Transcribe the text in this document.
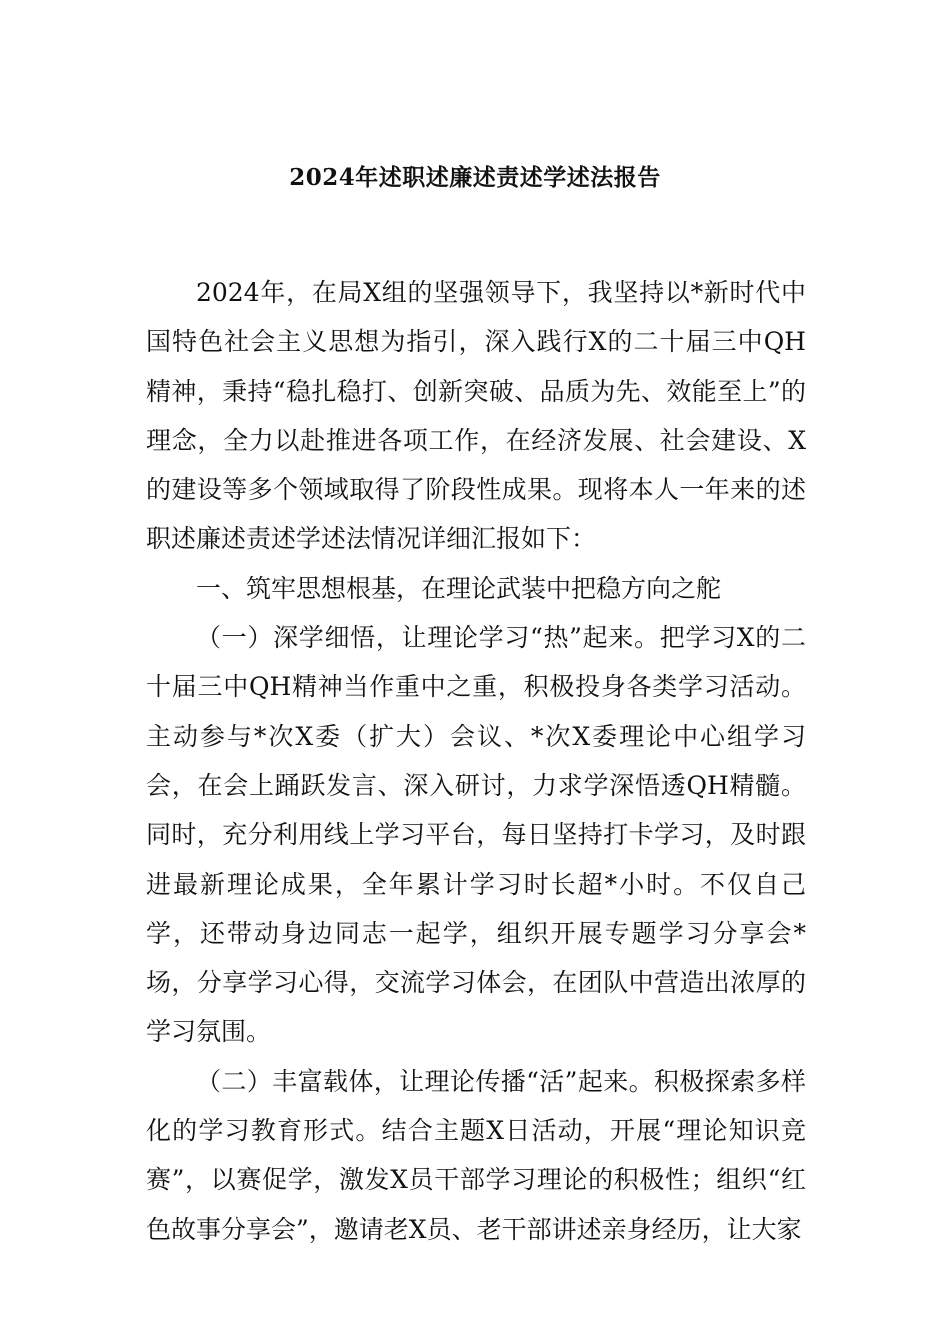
2024年述职述廉述责述学述法报告

2024年，在局X组的坚强领导下，我坚持以*新时代中国特色社会主义思想为指引，深入践行X的二十届三中QH精神，秉持“稳扎稳打、创新突破、品质为先、效能至上”的理念，全力以赴推进各项工作，在经济发展、社会建设、X的建设等多个领域取得了阶段性成果。现将本人一年来的述职述廉述责述学述法情况详细汇报如下：

一、筑牢思想根基，在理论武装中把稳方向之舵

（一）深学细悟，让理论学习“热”起来。把学习X的二十届三中QH精神当作重中之重，积极投身各类学习活动。主动参与*次X委（扩大）会议、*次X委理论中心组学习会，在会上踊跃发言、深入研讨，力求学深悟透QH精髓。同时，充分利用线上学习平台，每日坚持打卡学习，及时跟进最新理论成果，全年累计学习时长超*小时。不仅自己学，还带动身边同志一起学，组织开展专题学习分享会*场，分享学习心得，交流学习体会，在团队中营造出浓厚的学习氛围。

（二）丰富载体，让理论传播“活”起来。积极探索多样化的学习教育形式。结合主题X日活动，开展“理论知识竞赛”，以赛促学，激发X员干部学习理论的积极性；组织“红色故事分享会”，邀请老X员、老干部讲述亲身经历，让大家
